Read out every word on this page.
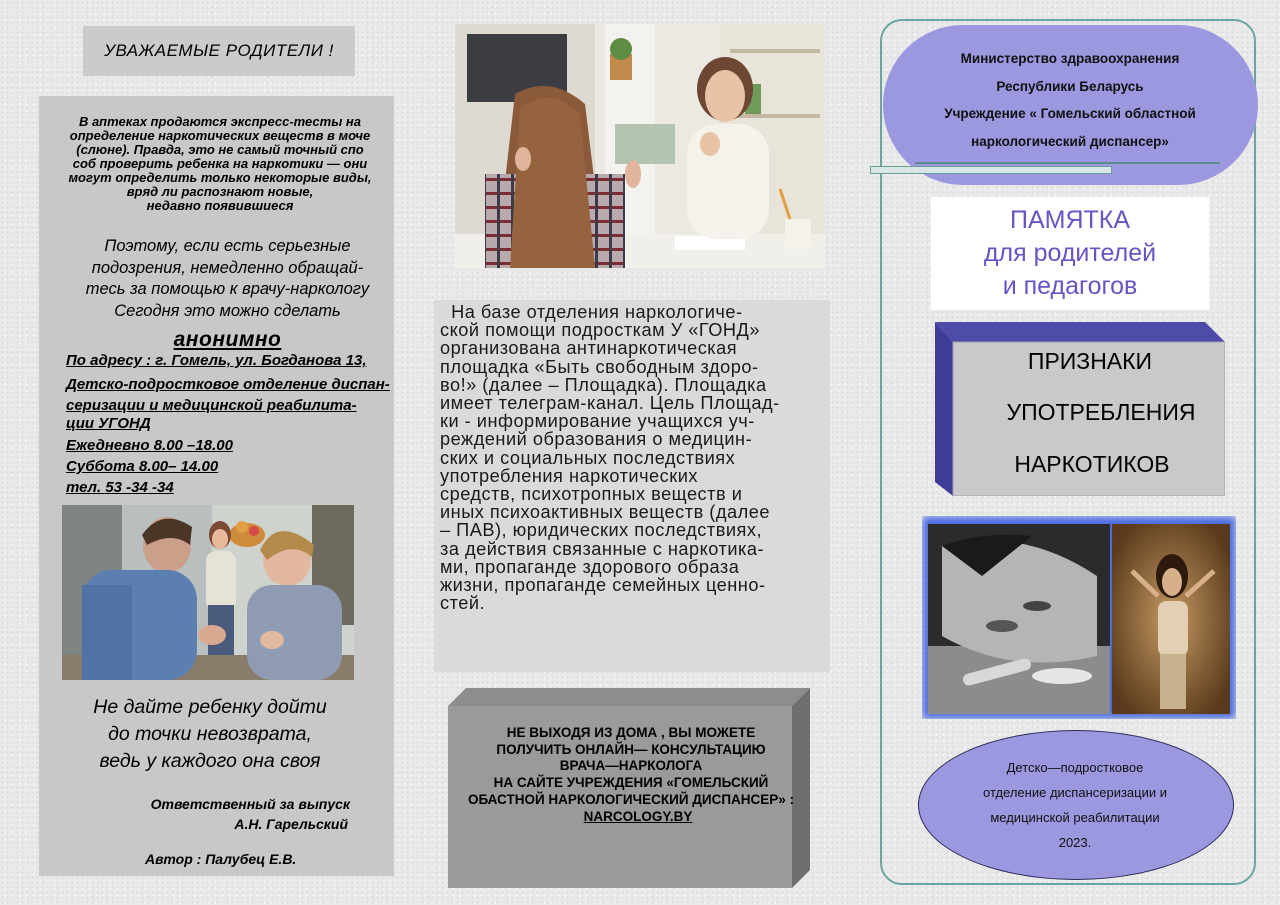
УВАЖАЕМЫЕ РОДИТЕЛИ !
В аптеках продаются экспресс-тесты на
определение наркотических веществ в моче
(слюне). Правда, это не самый точный спо
соб проверить ребенка на наркотики — они
могут определить только некоторые виды,
вряд ли распознают новые,
недавно появившиеся
Поэтому, если есть серьезные
подозрения, немедленно обращай-
тесь за помощью к врачу-наркологу
Сегодня это можно сделать
анонимно
По адресу : г. Гомель, ул. Богданова 13,
Детско-подростковое отделение диспан-
серизации и медицинской реабилита-
ции УГОНД
Ежедневно 8.00 –18.00
Суббота 8.00– 14.00
тел. 53 -34 -34
Не дайте ребенку дойти
до точки невозврата,
ведь у каждого она своя
Ответственный за выпуск
А.Н. Гарельский
Автор : Палубец Е.В.
На базе отделения наркологиче-
ской помощи подросткам У «ГОНД»
организована антинаркотическая
площадка «Быть свободным здоро-
во!» (далее – Площадка). Площадка
имеет телеграм-канал. Цель Площад-
ки - информирование учащихся уч-
реждений образования о медицин-
ских и социальных последствиях
употребления наркотических
средств, психотропных веществ и
иных психоактивных веществ (далее
– ПАВ), юридических последствиях,
за действия связанные с наркотика-
ми, пропаганде здорового образа
жизни, пропаганде семейных ценно-
стей.
НЕ ВЫХОДЯ ИЗ ДОМА , ВЫ МОЖЕТЕ
ПОЛУЧИТЬ ОНЛАЙН— КОНСУЛЬТАЦИЮ
ВРАЧА—НАРКОЛОГА
НА САЙТЕ УЧРЕЖДЕНИЯ «ГОМЕЛЬСКИЙ
ОБАСТНОЙ НАРКОЛОГИЧЕСКИЙ ДИСПАНСЕР» :
NARCOLOGY.BY
Министерство здравоохранения
Республики Беларусь
Учреждение « Гомельский областной
наркологический диспансер»
ПАМЯТКА
для родителей
и педагогов
ПРИЗНАКИ
УПОТРЕБЛЕНИЯ
НАРКОТИКОВ
Детско—подростковое
отделение диспансеризации и
медицинской реабилитации
2023.
